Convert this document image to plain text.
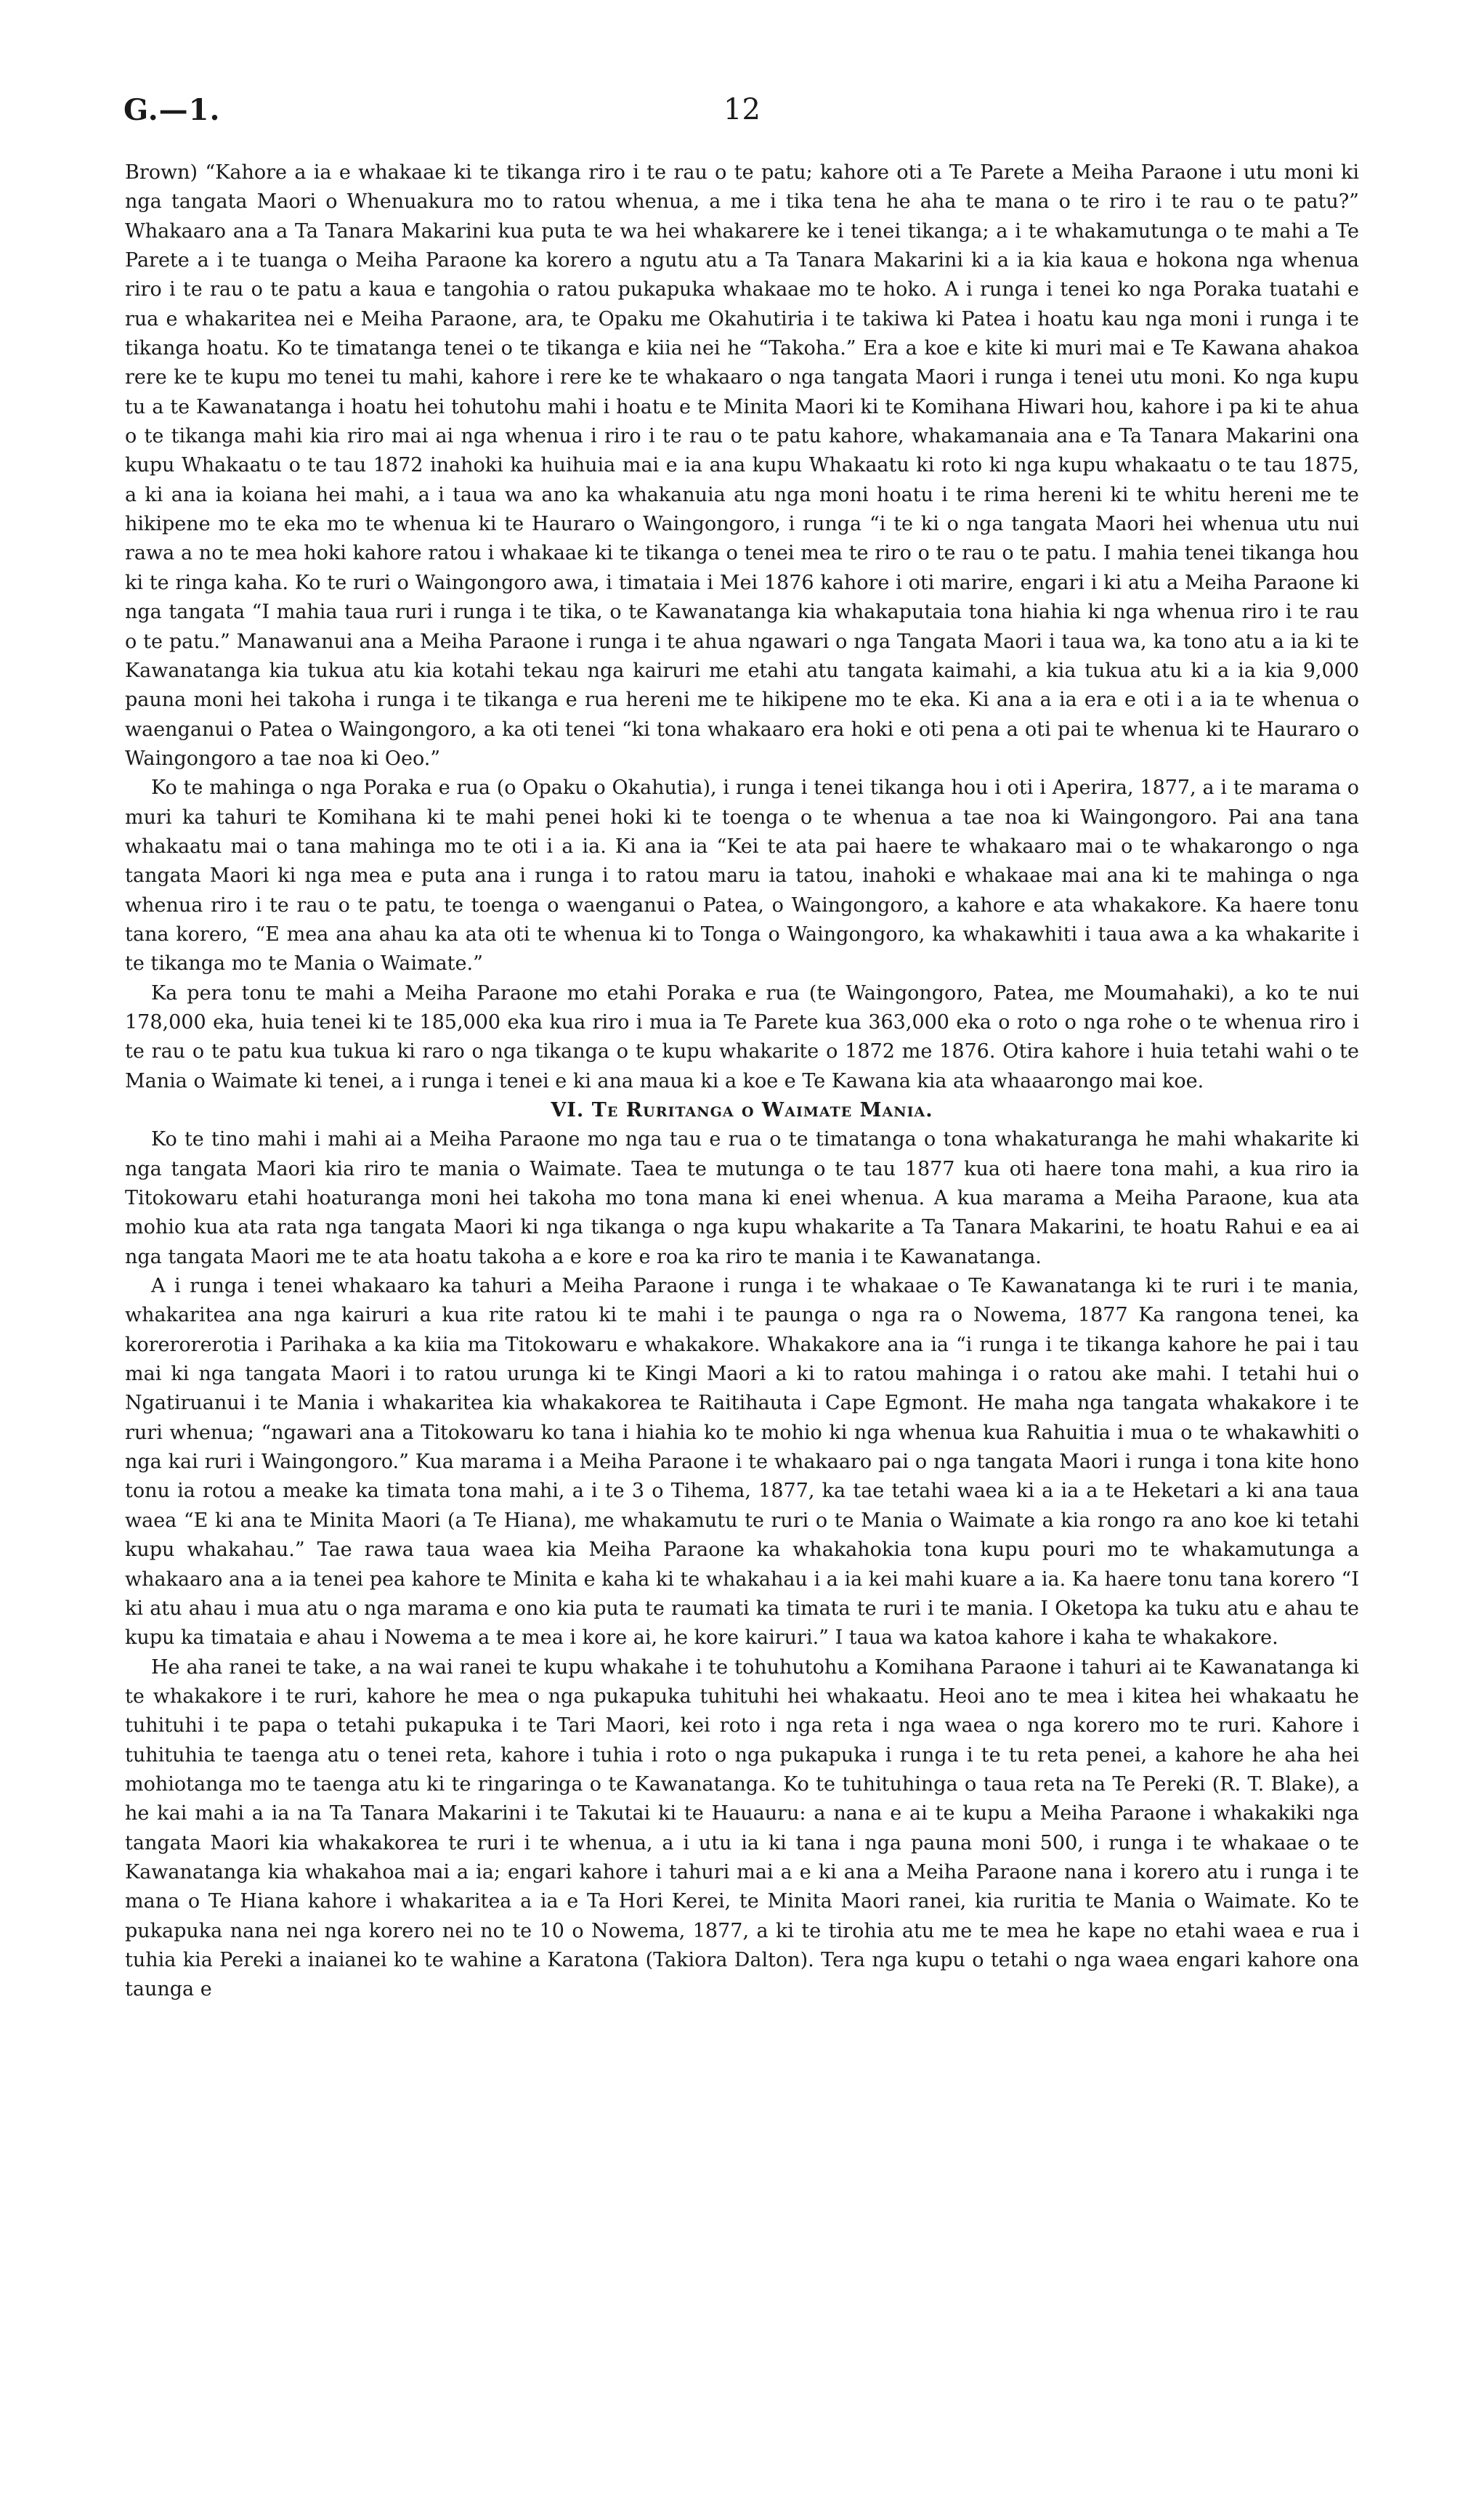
G.—1.	12

Brown) “Kahore a ia e whakaae ki te tikanga riro i te rau o te patu; kahore oti a Te Parete a Meiha Paraone i utu moni ki nga tangata Maori o Whenuakura mo to ratou whenua, a me i tika tena he aha te mana o te riro i te rau o te patu?” Whakaaro ana a Ta Tanara Makarini kua puta te wa hei whakarere ke i tenei tikanga; a i te whakamutunga o te mahi a Te Parete a i te tuanga o Meiha Paraone ka korero a ngutu atu a Ta Tanara Makarini ki a ia kia kaua e hokona nga whenua riro i te rau o te patu a kaua e tangohia o ratou pukapuka whakaae mo te hoko. A i runga i tenei ko nga Poraka tuatahi e rua e whakaritea nei e Meiha Paraone, ara, te Opaku me Okahutiria i te takiwa ki Patea i hoatu kau nga moni i runga i te tikanga hoatu. Ko te timatanga tenei o te tikanga e kiia nei he “Takoha.” Era a koe e kite ki muri mai e Te Kawana ahakoa rere ke te kupu mo tenei tu mahi, kahore i rere ke te whakaaro o nga tangata Maori i runga i tenei utu moni. Ko nga kupu tu a te Kawanatanga i hoatu hei tohutohu mahi i hoatu e te Minita Maori ki te Komihana Hiwari hou, kahore i pa ki te ahua o te tikanga mahi kia riro mai ai nga whenua i riro i te rau o te patu kahore, whakamanaia ana e Ta Tanara Makarini ona kupu Whakaatu o te tau 1872 inahoki ka huihuia mai e ia ana kupu Whakaatu ki roto ki nga kupu whakaatu o te tau 1875, a ki ana ia koiana hei mahi, a i taua wa ano ka whakanuia atu nga moni hoatu i te rima hereni ki te whitu hereni me te hikipene mo te eka mo te whenua ki te Hauraro o Waingongoro, i runga “i te ki o nga tangata Maori hei whenua utu nui rawa a no te mea hoki kahore ratou i whakaae ki te tikanga o tenei mea te riro o te rau o te patu. I mahia tenei tikanga hou ki te ringa kaha. Ko te ruri o Waingongoro awa, i timataia i Mei 1876 kahore i oti marire, engari i ki atu a Meiha Paraone ki nga tangata “I mahia taua ruri i runga i te tika, o te Kawanatanga kia whakaputaia tona hiahia ki nga whenua riro i te rau o te patu.” Manawanui ana a Meiha Paraone i runga i te ahua ngawari o nga Tangata Maori i taua wa, ka tono atu a ia ki te Kawanatanga kia tukua atu kia kotahi tekau nga kairuri me etahi atu tangata kaimahi, a kia tukua atu ki a ia kia 9,000 pauna moni hei takoha i runga i te tikanga e rua hereni me te hikipene mo te eka. Ki ana a ia era e oti i a ia te whenua o waenganui o Patea o Waingongoro, a ka oti tenei “ki tona whakaaro era hoki e oti pena a oti pai te whenua ki te Hauraro o Waingongoro a tae noa ki Oeo.”

Ko te mahinga o nga Poraka e rua (o Opaku o Okahutia), i runga i tenei tikanga hou i oti i Aperira, 1877, a i te marama o muri ka tahuri te Komihana ki te mahi penei hoki ki te toenga o te whenua a tae noa ki Waingongoro. Pai ana tana whakaatu mai o tana mahinga mo te oti i a ia. Ki ana ia “Kei te ata pai haere te whakaaro mai o te whakarongo o nga tangata Maori ki nga mea e puta ana i runga i to ratou maru ia tatou, inahoki e whakaae mai ana ki te mahinga o nga whenua riro i te rau o te patu, te toenga o waenganui o Patea, o Waingongoro, a kahore e ata whakakore. Ka haere tonu tana korero, “E mea ana ahau ka ata oti te whenua ki to Tonga o Waingongoro, ka whakawhiti i taua awa a ka whakarite i te tikanga mo te Mania o Waimate.”

Ka pera tonu te mahi a Meiha Paraone mo etahi Poraka e rua (te Waingongoro, Patea, me Moumahaki), a ko te nui 178,000 eka, huia tenei ki te 185,000 eka kua riro i mua ia Te Parete kua 363,000 eka o roto o nga rohe o te whenua riro i te rau o te patu kua tukua ki raro o nga tikanga o te kupu whakarite o 1872 me 1876. Otira kahore i huia tetahi wahi o te Mania o Waimate ki tenei, a i runga i tenei e ki ana maua ki a koe e Te Kawana kia ata whaaarongo mai koe.

VI. Te Ruritanga o Waimate Mania.

Ko te tino mahi i mahi ai a Meiha Paraone mo nga tau e rua o te timatanga o tona whakaturanga he mahi whakarite ki nga tangata Maori kia riro te mania o Waimate. Taea te mutunga o te tau 1877 kua oti haere tona mahi, a kua riro ia Titokowaru etahi hoaturanga moni hei takoha mo tona mana ki enei whenua. A kua marama a Meiha Paraone, kua ata mohio kua ata rata nga tangata Maori ki nga tikanga o nga kupu whakarite a Ta Tanara Makarini, te hoatu Rahui e ea ai nga tangata Maori me te ata hoatu takoha a e kore e roa ka riro te mania i te Kawanatanga.

A i runga i tenei whakaaro ka tahuri a Meiha Paraone i runga i te whakaae o Te Kawanatanga ki te ruri i te mania, whakaritea ana nga kairuri a kua rite ratou ki te mahi i te paunga o nga ra o Nowema, 1877 Ka rangona tenei, ka korerorerotia i Parihaka a ka kiia ma Titokowaru e whakakore. Whakakore ana ia “i runga i te tikanga kahore he pai i tau mai ki nga tangata Maori i to ratou urunga ki te Kingi Maori a ki to ratou mahinga i o ratou ake mahi. I tetahi hui o Ngatiruanui i te Mania i whakaritea kia whakakorea te Raitihauta i Cape Egmont. He maha nga tangata whakakore i te ruri whenua; “ngawari ana a Titokowaru ko tana i hiahia ko te mohio ki nga whenua kua Rahuitia i mua o te whakawhiti o nga kai ruri i Waingongoro.” Kua marama i a Meiha Paraone i te whakaaro pai o nga tangata Maori i runga i tona kite hono tonu ia rotou a meake ka timata tona mahi, a i te 3 o Tihema, 1877, ka tae tetahi waea ki a ia a te Heketari a ki ana taua waea “E ki ana te Minita Maori (a Te Hiana), me whakamutu te ruri o te Mania o Waimate a kia rongo ra ano koe ki tetahi kupu whakahau.” Tae rawa taua waea kia Meiha Paraone ka whakahokia tona kupu pouri mo te whakamutunga a whakaaro ana a ia tenei pea kahore te Minita e kaha ki te whakahau i a ia kei mahi kuare a ia. Ka haere tonu tana korero “I ki atu ahau i mua atu o nga marama e ono kia puta te raumati ka timata te ruri i te mania. I Oketopa ka tuku atu e ahau te kupu ka timataia e ahau i Nowema a te mea i kore ai, he kore kairuri.” I taua wa katoa kahore i kaha te whakakore.

He aha ranei te take, a na wai ranei te kupu whakahe i te tohuhutohu a Komihana Paraone i tahuri ai te Kawanatanga ki te whakakore i te ruri, kahore he mea o nga pukapuka tuhituhi hei whakaatu. Heoi ano te mea i kitea hei whakaatu he tuhituhi i te papa o tetahi pukapuka i te Tari Maori, kei roto i nga reta i nga waea o nga korero mo te ruri. Kahore i tuhituhia te taenga atu o tenei reta, kahore i tuhia i roto o nga pukapuka i runga i te tu reta penei, a kahore he aha hei mohiotanga mo te taenga atu ki te ringaringa o te Kawanatanga. Ko te tuhituhinga o taua reta na Te Pereki (R. T. Blake), a he kai mahi a ia na Ta Tanara Makarini i te Takutai ki te Hauauru: a nana e ai te kupu a Meiha Paraone i whakakiki nga tangata Maori kia whakakorea te ruri i te whenua, a i utu ia ki tana i nga pauna moni 500, i runga i te whakaae o te Kawanatanga kia whakahoa mai a ia; engari kahore i tahuri mai a e ki ana a Meiha Paraone nana i korero atu i runga i te mana o Te Hiana kahore i whakaritea a ia e Ta Hori Kerei, te Minita Maori ranei, kia ruritia te Mania o Waimate. Ko te pukapuka nana nei nga korero nei no te 10 o Nowema, 1877, a ki te tirohia atu me te mea he kape no etahi waea e rua i tuhia kia Pereki a inaianei ko te wahine a Karatona (Takiora Dalton). Tera nga kupu o tetahi o nga waea engari kahore ona taunga e
